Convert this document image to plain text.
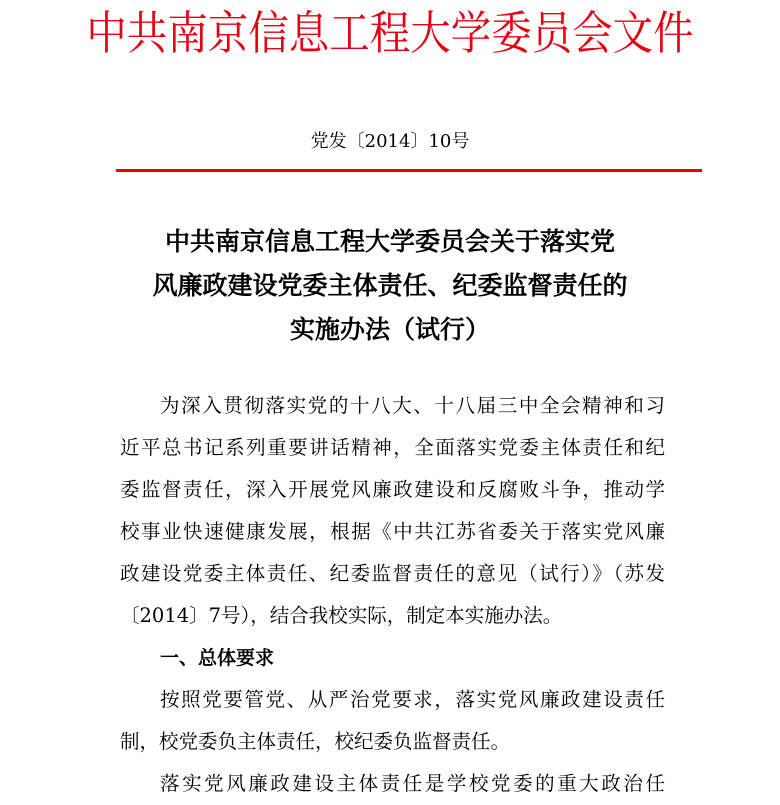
中共南京信息工程大学委员会文件
党发〔2014〕10号
中共南京信息工程大学委员会关于落实党
风廉政建设党委主体责任、纪委监督责任的
实施办法（试行）
为深入贯彻落实党的十八大、十八届三中全会精神和习
近平总书记系列重要讲话精神，全面落实党委主体责任和纪
委监督责任，深入开展党风廉政建设和反腐败斗争，推动学
校事业快速健康发展，根据《中共江苏省委关于落实党风廉
政建设党委主体责任、纪委监督责任的意见（试行）》（苏发
〔2014〕7号），结合我校实际，制定本实施办法。
一、总体要求
按照党要管党、从严治党要求，落实党风廉政建设责任
制，校党委负主体责任，校纪委负监督责任。
落实党风廉政建设主体责任是学校党委的重大政治任
